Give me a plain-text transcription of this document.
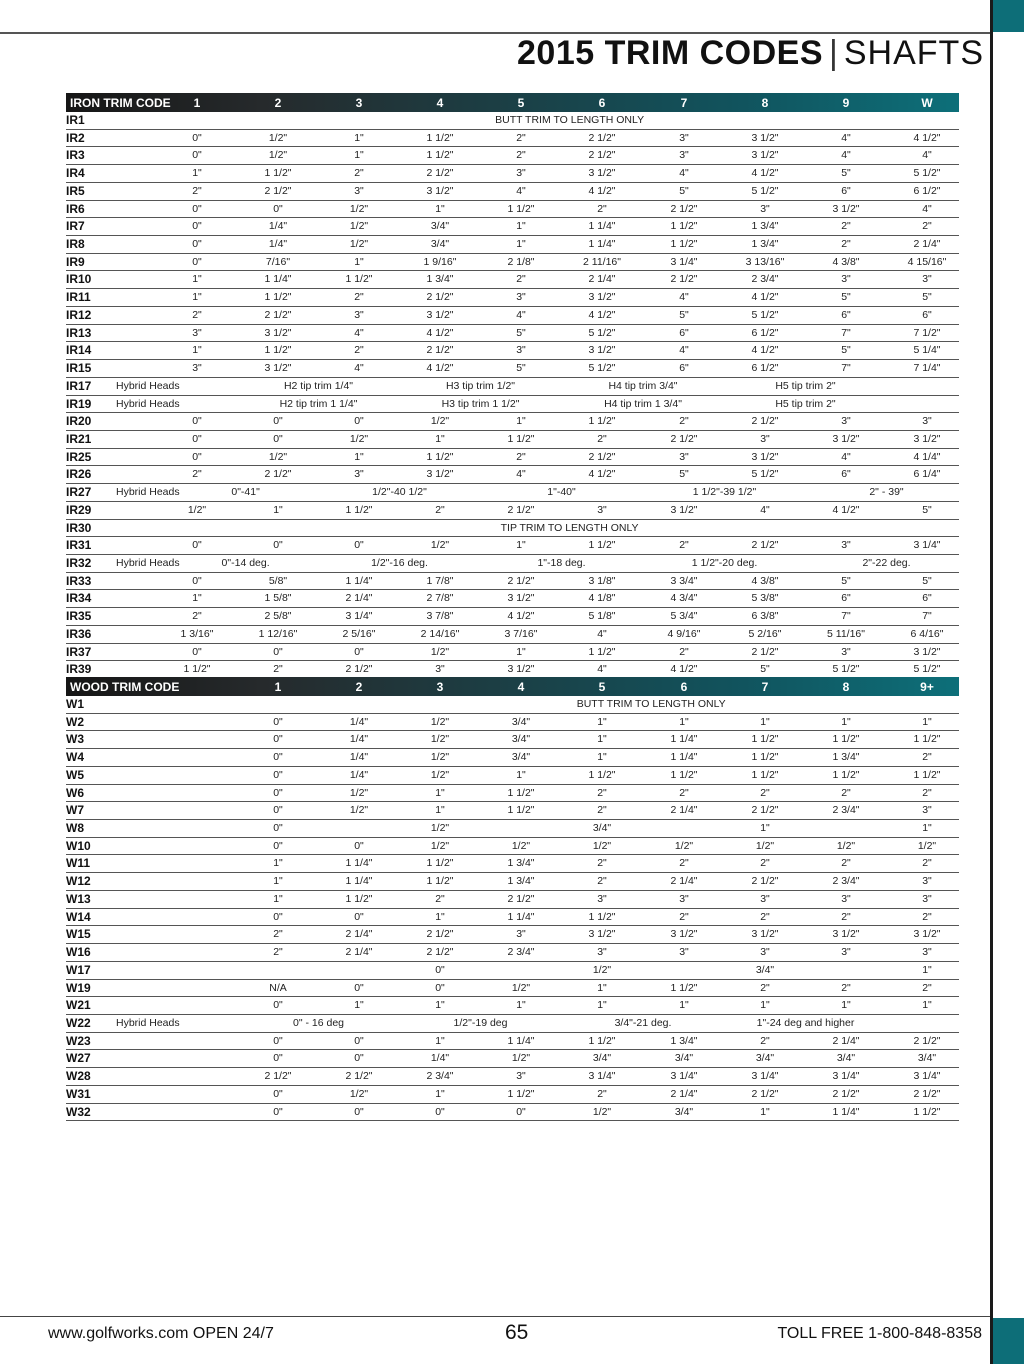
2015 TRIM CODES | SHAFTS
IRON TRIM CODE	1	2	3	4	5	6	7	8	9	W
IR1	BUTT TRIM TO LENGTH ONLY
IR2	0"	1/2"	1"	1 1/2"	2"	2 1/2"	3"	3 1/2"	4"	4 1/2"
IR3	0"	1/2"	1"	1 1/2"	2"	2 1/2"	3"	3 1/2"	4"	4"
IR4	1"	1 1/2"	2"	2 1/2"	3"	3 1/2"	4"	4 1/2"	5"	5 1/2"
IR5	2"	2 1/2"	3"	3 1/2"	4"	4 1/2"	5"	5 1/2"	6"	6 1/2"
IR6	0"	0"	1/2"	1"	1 1/2"	2"	2 1/2"	3"	3 1/2"	4"
IR7	0"	1/4"	1/2"	3/4"	1"	1 1/4"	1 1/2"	1 3/4"	2"	2"
IR8	0"	1/4"	1/2"	3/4"	1"	1 1/4"	1 1/2"	1 3/4"	2"	2 1/4"
IR9	0"	7/16"	1"	1 9/16"	2 1/8"	2 11/16"	3 1/4"	3 13/16"	4 3/8"	4 15/16"
IR10	1"	1 1/4"	1 1/2"	1 3/4"	2"	2 1/4"	2 1/2"	2 3/4"	3"	3"
IR11	1"	1 1/2"	2"	2 1/2"	3"	3 1/2"	4"	4 1/2"	5"	5"
IR12	2"	2 1/2"	3"	3 1/2"	4"	4 1/2"	5"	5 1/2"	6"	6"
IR13	3"	3 1/2"	4"	4 1/2"	5"	5 1/2"	6"	6 1/2"	7"	7 1/2"
IR14	1"	1 1/2"	2"	2 1/2"	3"	3 1/2"	4"	4 1/2"	5"	5 1/4"
IR15	3"	3 1/2"	4"	4 1/2"	5"	5 1/2"	6"	6 1/2"	7"	7 1/4"
IR17 Hybrid Heads	H2 tip trim 1/4"	H3 tip trim 1/2"	H4 tip trim 3/4"	H5 tip trim 2"
IR19 Hybrid Heads	H2 tip trim 1 1/4"	H3 tip trim 1 1/2"	H4 tip trim 1 3/4"	H5 tip trim 2"
IR20	0"	0"	0"	1/2"	1"	1 1/2"	2"	2 1/2"	3"	3"
IR21	0"	0"	1/2"	1"	1 1/2"	2"	2 1/2"	3"	3 1/2"	3 1/2"
IR25	0"	1/2"	1"	1 1/2"	2"	2 1/2"	3"	3 1/2"	4"	4 1/4"
IR26	2"	2 1/2"	3"	3 1/2"	4"	4 1/2"	5"	5 1/2"	6"	6 1/4"
IR27 Hybrid Heads	0"-41"	1/2"-40 1/2"	1"-40"	1 1/2"-39 1/2"	2" - 39"
IR29	1/2"	1"	1 1/2"	2"	2 1/2"	3"	3 1/2"	4"	4 1/2"	5"
IR30	TIP TRIM TO LENGTH ONLY
IR31	0"	0"	0"	1/2"	1"	1 1/2"	2"	2 1/2"	3"	3 1/4"
IR32 Hybrid Heads	0"-14 deg.	1/2"-16 deg.	1"-18 deg.	1 1/2"-20 deg.	2"-22 deg.
IR33	0"	5/8"	1 1/4"	1 7/8"	2 1/2"	3 1/8"	3 3/4"	4 3/8"	5"	5"
IR34	1"	1 5/8"	2 1/4"	2 7/8"	3 1/2"	4 1/8"	4 3/4"	5 3/8"	6"	6"
IR35	2"	2 5/8"	3 1/4"	3 7/8"	4 1/2"	5 1/8"	5 3/4"	6 3/8"	7"	7"
IR36	1 3/16"	1 12/16"	2 5/16"	2 14/16"	3 7/16"	4"	4 9/16"	5 2/16"	5 11/16"	6 4/16"
IR37	0"	0"	0"	1/2"	1"	1 1/2"	2"	2 1/2"	3"	3 1/2"
IR39	1 1/2"	2"	2 1/2"	3"	3 1/2"	4"	4 1/2"	5"	5 1/2"	5 1/2"
WOOD TRIM CODE	1	2	3	4	5	6	7	8	9+
W1	BUTT TRIM TO LENGTH ONLY
W2	0"	1/4"	1/2"	3/4"	1"	1"	1"	1"	1"
W3	0"	1/4"	1/2"	3/4"	1"	1 1/4"	1 1/2"	1 1/2"	1 1/2"
W4	0"	1/4"	1/2"	3/4"	1"	1 1/4"	1 1/2"	1 3/4"	2"
W5	0"	1/4"	1/2"	1"	1 1/2"	1 1/2"	1 1/2"	1 1/2"	1 1/2"
W6	0"	1/2"	1"	1 1/2"	2"	2"	2"	2"	2"
W7	0"	1/2"	1"	1 1/2"	2"	2 1/4"	2 1/2"	2 3/4"	3"
W8	0"	1/2"	3/4"	1"	1"
W10	0"	0"	1/2"	1/2"	1/2"	1/2"	1/2"	1/2"	1/2"
W11	1"	1 1/4"	1 1/2"	1 3/4"	2"	2"	2"	2"	2"
W12	1"	1 1/4"	1 1/2"	1 3/4"	2"	2 1/4"	2 1/2"	2 3/4"	3"
W13	1"	1 1/2"	2"	2 1/2"	3"	3"	3"	3"	3"
W14	0"	0"	1"	1 1/4"	1 1/2"	2"	2"	2"	2"
W15	2"	2 1/4"	2 1/2"	3"	3 1/2"	3 1/2"	3 1/2"	3 1/2"	3 1/2"
W16	2"	2 1/4"	2 1/2"	2 3/4"	3"	3"	3"	3"	3"
W17	0"	1/2"	3/4"	1"
W19	N/A	0"	0"	1/2"	1"	1 1/2"	2"	2"	2"
W21	0"	1"	1"	1"	1"	1"	1"	1"	1"
W22 Hybrid Heads	0" - 16 deg	1/2"-19 deg	3/4"-21 deg.	1"-24 deg and higher
W23	0"	0"	1"	1 1/4"	1 1/2"	1 3/4"	2"	2 1/4"	2 1/2"
W27	0"	0"	1/4"	1/2"	3/4"	3/4"	3/4"	3/4"	3/4"
W28	2 1/2"	2 1/2"	2 3/4"	3"	3 1/4"	3 1/4"	3 1/4"	3 1/4"	3 1/4"
W31	0"	1/2"	1"	1 1/2"	2"	2 1/4"	2 1/2"	2 1/2"	2 1/2"
W32	0"	0"	0"	0"	1/2"	3/4"	1"	1 1/4"	1 1/2"
www.golfworks.com OPEN 24/7	65	TOLL FREE 1-800-848-8358
